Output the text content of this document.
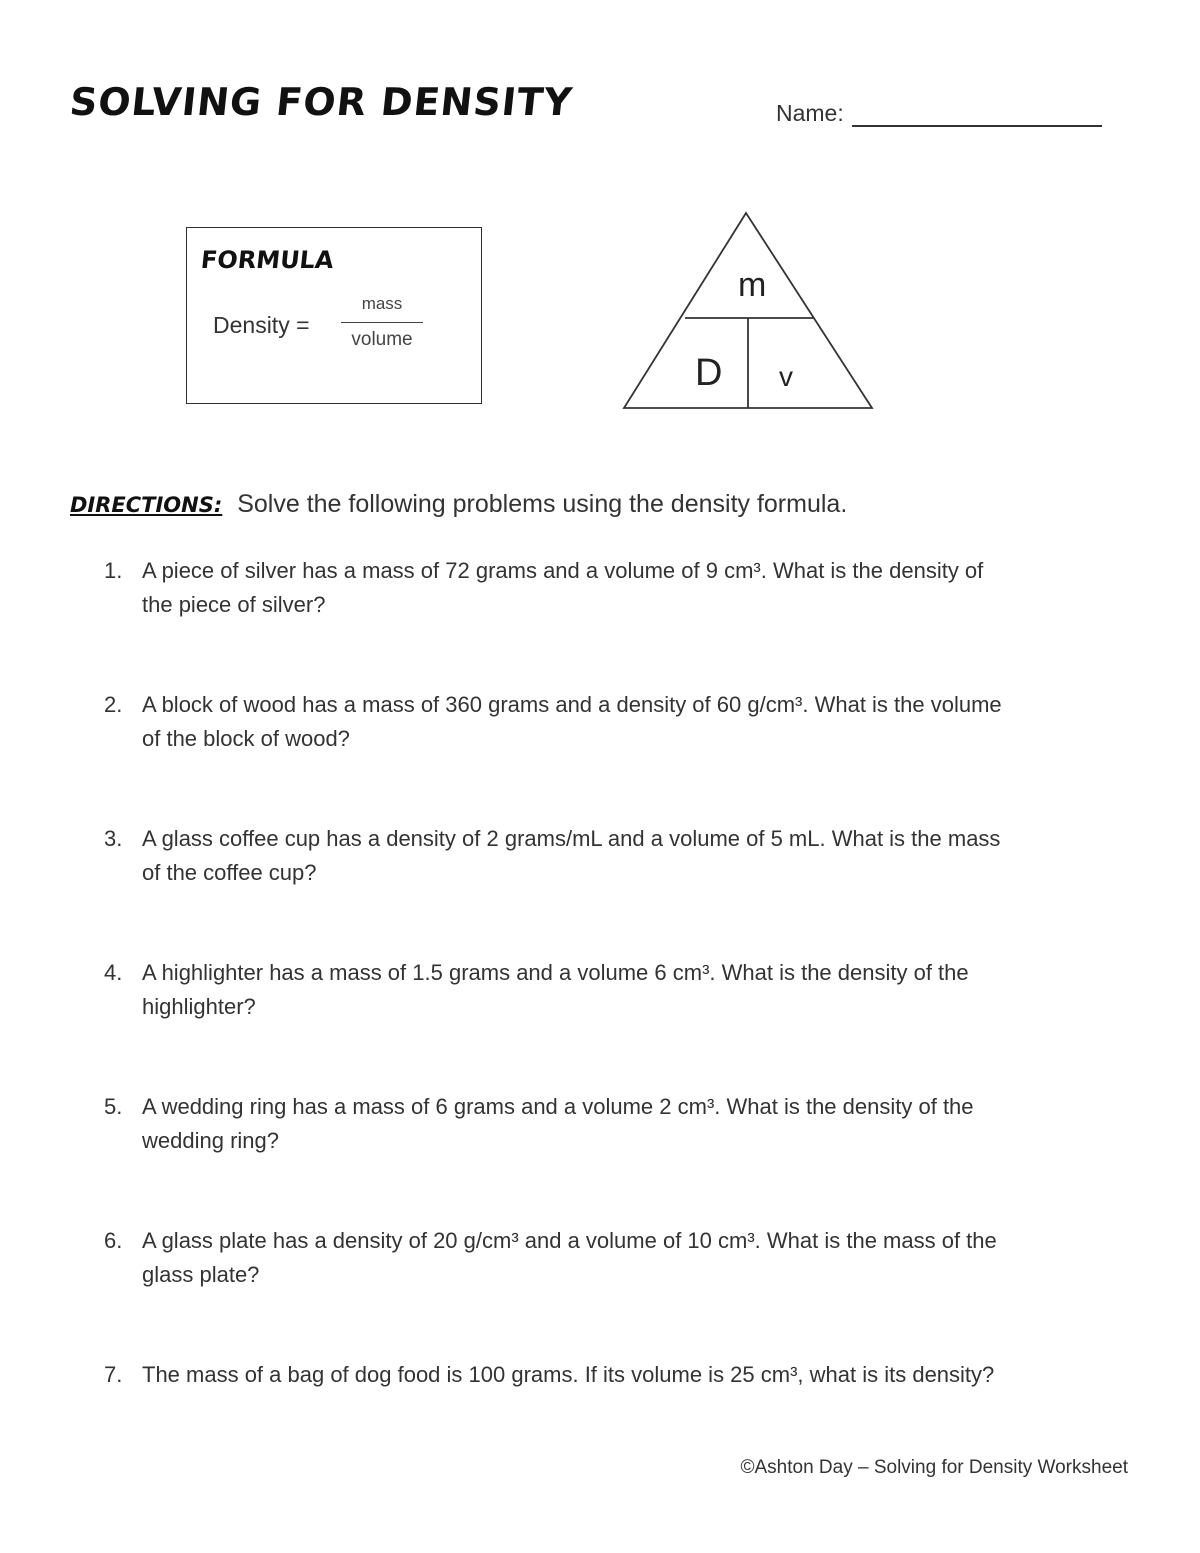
SOLVING FOR DENSITY	Name:
FORMULA
Density =
mass
volume
m
D v
DIRECTIONS: Solve the following problems using the density formula.
1. A piece of silver has a mass of 72 grams and a volume of 9 cm³. What is the density of
the piece of silver?
2. A block of wood has a mass of 360 grams and a density of 60 g/cm³. What is the volume
of the block of wood?
3. A glass coffee cup has a density of 2 grams/mL and a volume of 5 mL. What is the mass
of the coffee cup?
4. A highlighter has a mass of 1.5 grams and a volume 6 cm³. What is the density of the
highlighter?
5. A wedding ring has a mass of 6 grams and a volume 2 cm³. What is the density of the
wedding ring?
6. A glass plate has a density of 20 g/cm³ and a volume of 10 cm³. What is the mass of the
glass plate?
7. The mass of a bag of dog food is 100 grams. If its volume is 25 cm³, what is its density?
©Ashton Day – Solving for Density Worksheet
